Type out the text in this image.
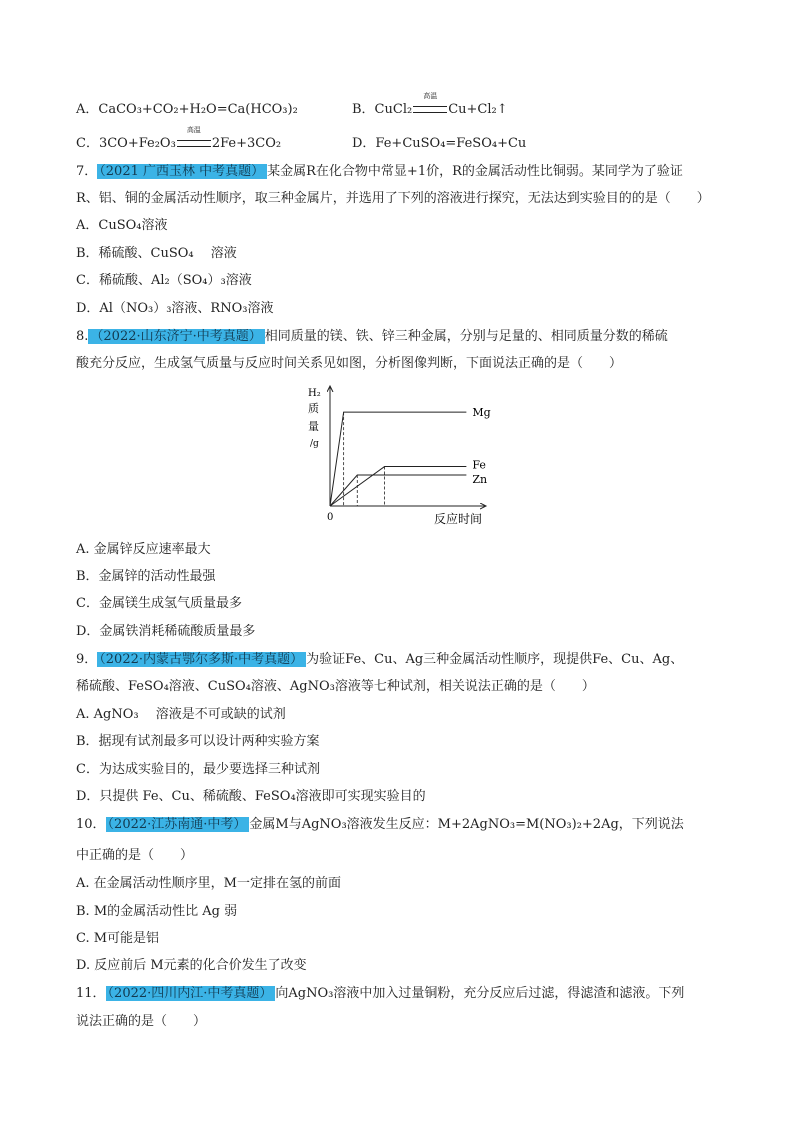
A．CaCO₃+CO₂+H₂O=Ca(HCO₃)₂	B．CuCl₂
高温
Cu+Cl₂↑
C．3CO+Fe₂O₃
高温
2Fe+3CO₂	D．Fe+CuSO₄=FeSO₄+Cu
7． （2021 广西玉林 中考真题） 某金属R在化合物中常显+1价，R的金属活动性比铜弱。某同学为了验证
R、铝、铜的金属活动性顺序，取三种金属片，并选用了下列的溶液进行探究，无法达到实验目的的是（　　）
A．CuSO₄溶液
B．稀硫酸、CuSO₄　 溶液
C．稀硫酸、Al₂（SO₄）₃溶液
D．Al（NO₃）₃溶液、RNO₃溶液
8. （2022·山东济宁·中考真题） 相同质量的镁、铁、锌三种金属，分别与足量的、相同质量分数的稀硫
酸充分反应，生成氢气质量与反应时间关系见如图，分析图像判断，下面说法正确的是（　　）
H₂
质
量
/g
0	反应时间
Mg
Fe
Zn
A. 金属锌反应速率最大
B．金属锌的活动性最强
C．金属镁生成氢气质量最多
D．金属铁消耗稀硫酸质量最多
9． （2022·内蒙古鄂尔多斯·中考真题） 为验证Fe、Cu、Ag三种金属活动性顺序，现提供Fe、Cu、Ag、
稀硫酸、FeSO₄溶液、CuSO₄溶液、AgNO₃溶液等七种试剂，相关说法正确的是（　　）
A. AgNO₃　 溶液是不可或缺的试剂
B．据现有试剂最多可以设计两种实验方案
C．为达成实验目的，最少要选择三种试剂
D．只提供 Fe、Cu、稀硫酸、FeSO₄溶液即可实现实验目的
10． （2022·江苏南通·中考） 金属M与AgNO₃溶液发生反应：M+2AgNO₃=M(NO₃)₂+2Ag，下列说法
中正确的是（　　）
A. 在金属活动性顺序里，M一定排在氢的前面
B. M的金属活动性比 Ag 弱
C. M可能是铝
D. 反应前后 M元素的化合价发生了改变
11． （2022·四川内江·中考真题） 向AgNO₃溶液中加入过量铜粉，充分反应后过滤，得滤渣和滤液。下列
说法正确的是（　　）
